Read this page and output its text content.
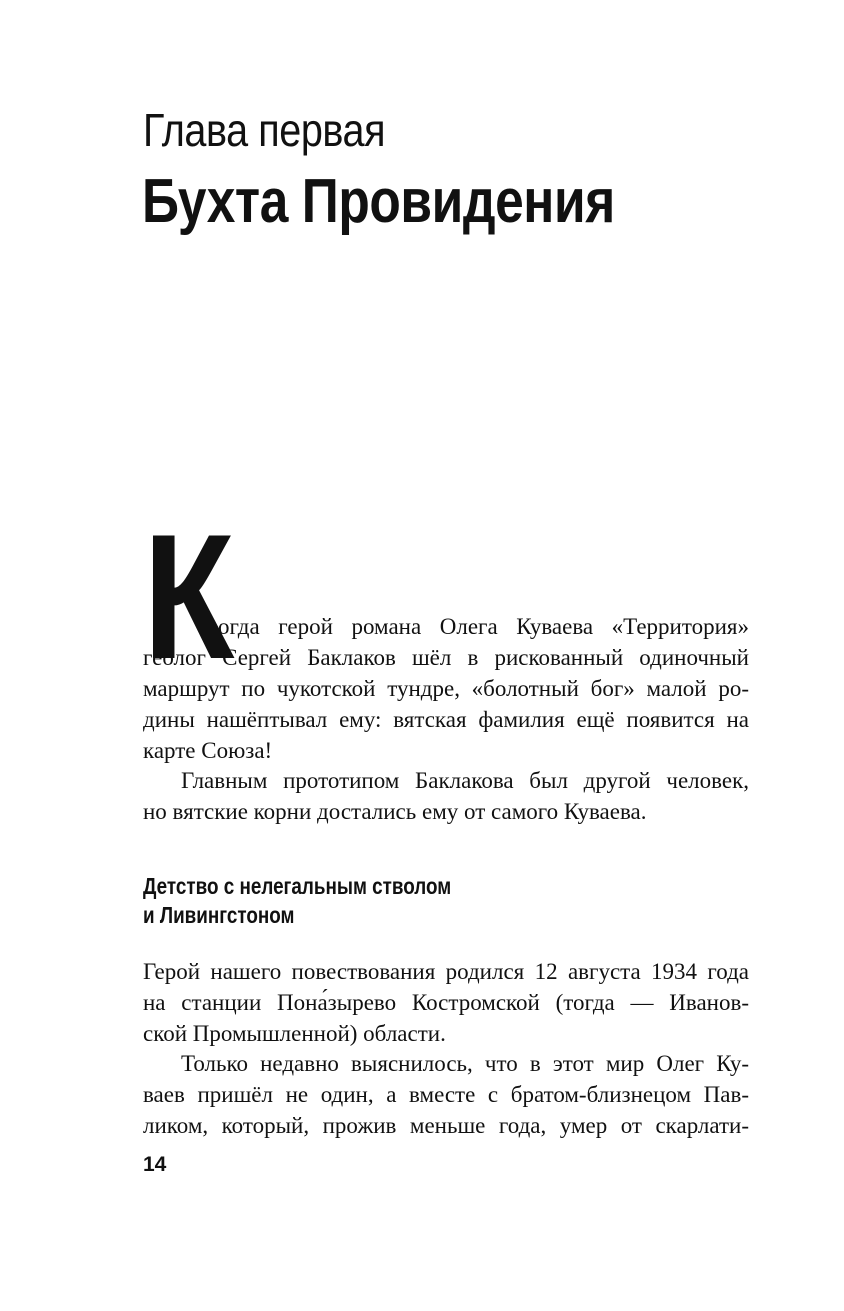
Глава первая
Бухта Провидения
К
огда герой романа Олега Куваева «Территория»
геолог Сергей Баклаков шёл в рискованный одиночный
маршрут по чукотской тундре, «болотный бог» малой ро-
дины нашёптывал ему: вятская фамилия ещё появится на
карте Союза!
Главным прототипом Баклакова был другой человек,
но вятские корни достались ему от самого Куваева.
Детство с нелегальным стволом
и Ливингстоном
Герой нашего повествования родился 12 августа 1934 года
на станции Пона́зырево Костромской (тогда — Иванов-
ской Промышленной) области.
Только недавно выяснилось, что в этот мир Олег Ку-
ваев пришёл не один, а вместе с братом-близнецом Пав-
ликом, который, прожив меньше года, умер от скарлати-
14
